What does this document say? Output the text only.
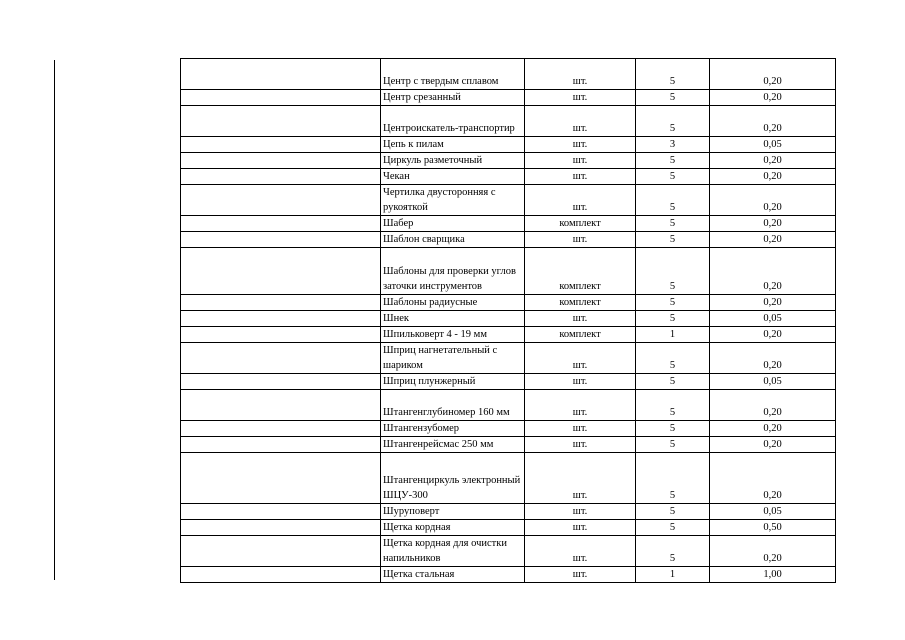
	Центр с твердым сплавом	шт.	5	0,20
	Центр срезанный	шт.	5	0,20
	Центроискатель-транспортир	шт.	5	0,20
	Цепь к пилам	шт.	3	0,05
	Циркуль разметочный	шт.	5	0,20
	Чекан	шт.	5	0,20
	Чертилка двусторонняя с рукояткой	шт.	5	0,20
	Шабер	комплект	5	0,20
	Шаблон сварщика	шт.	5	0,20
	Шаблоны для проверки углов заточки инструментов	комплект	5	0,20
	Шаблоны радиусные	комплект	5	0,20
	Шнек	шт.	5	0,05
	Шпильковерт 4 - 19 мм	комплект	1	0,20
	Шприц нагнетательный с шариком	шт.	5	0,20
	Шприц плунжерный	шт.	5	0,05
	Штангенглубиномер 160 мм	шт.	5	0,20
	Штангензубомер	шт.	5	0,20
	Штангенрейсмас 250 мм	шт.	5	0,20
	Штангенциркуль электронный ШЦУ-300	шт.	5	0,20
	Шуруповерт	шт.	5	0,05
	Щетка кордная	шт.	5	0,50
	Щетка кордная для очистки напильников	шт.	5	0,20
	Щетка стальная	шт.	1	1,00
